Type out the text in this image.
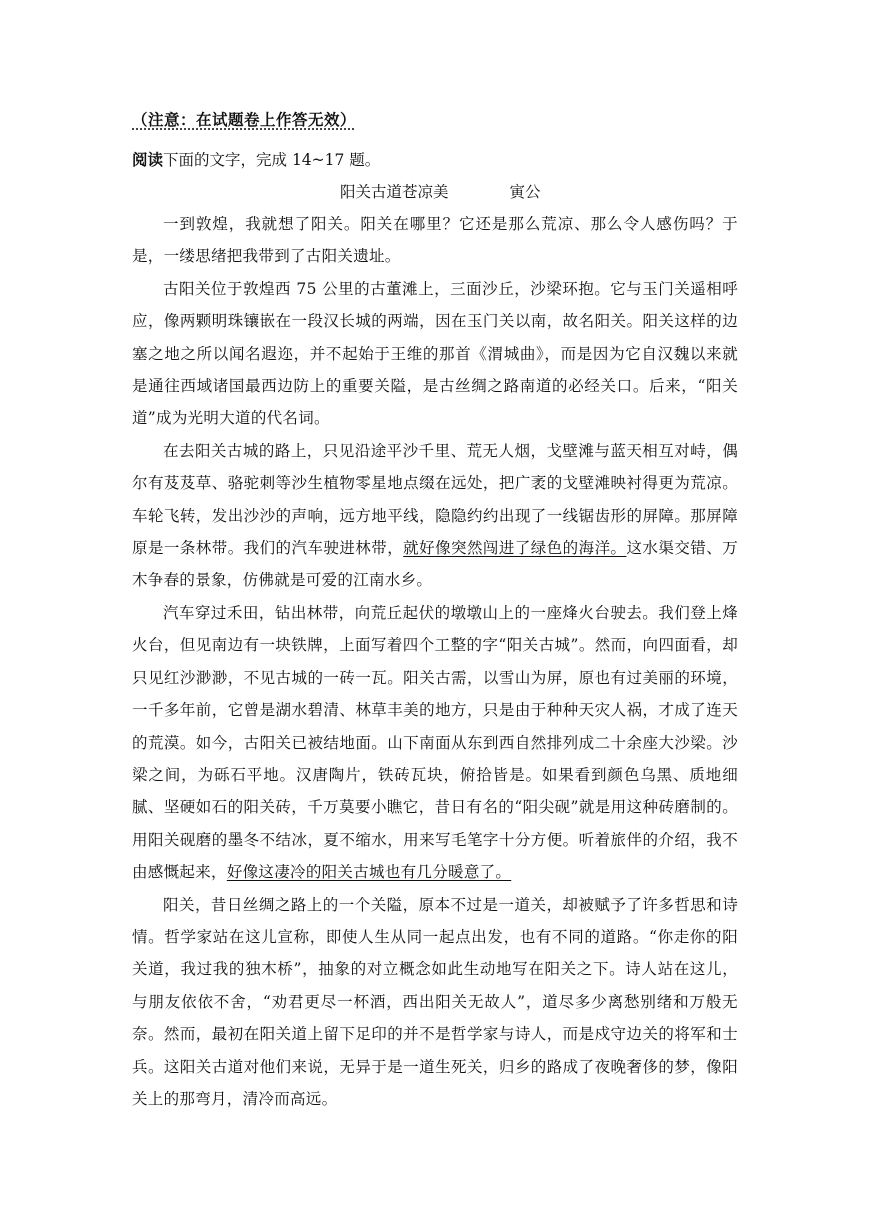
（注意：在试题卷上作答无效）
阅读下面的文字，完成 14~17 题。
阳关古道苍凉美	寅公

一到敦煌，我就想了阳关。阳关在哪里？它还是那么荒凉、那么令人感伤吗？于是，一缕思绪把我带到了古阳关遗址。

古阳关位于敦煌西 75 公里的古董滩上，三面沙丘，沙梁环抱。它与玉门关遥相呼应，像两颗明珠镶嵌在一段汉长城的两端，因在玉门关以南，故名阳关。阳关这样的边塞之地之所以闻名遐迩，并不起始于王维的那首《渭城曲》，而是因为它自汉魏以来就是通往西域诸国最西边防上的重要关隘，是古丝绸之路南道的必经关口。后来，“阳关道”成为光明大道的代名词。

在去阳关古城的路上，只见沿途平沙千里、荒无人烟，戈壁滩与蓝天相互对峙，偶尔有芨芨草、骆驼刺等沙生植物零星地点缀在远处，把广袤的戈壁滩映衬得更为荒凉。车轮飞转，发出沙沙的声响，远方地平线，隐隐约约出现了一线锯齿形的屏障。那屏障原是一条林带。我们的汽车驶进林带，就好像突然闯进了绿色的海洋。这水渠交错、万木争春的景象，仿佛就是可爱的江南水乡。

汽车穿过禾田，钻出林带，向荒丘起伏的墩墩山上的一座烽火台驶去。我们登上烽火台，但见南边有一块铁牌，上面写着四个工整的字“阳关古城”。然而，向四面看，却只见红沙渺渺，不见古城的一砖一瓦。阳关古需，以雪山为屏，原也有过美丽的环境，一千多年前，它曾是湖水碧清、林草丰美的地方，只是由于种种天灾人祸，才成了连天的荒漠。如今，古阳关已被结地面。山下南面从东到西自然排列成二十余座大沙梁。沙梁之间，为砾石平地。汉唐陶片，铁砖瓦块，俯拾皆是。如果看到颜色乌黑、质地细腻、坚硬如石的阳关砖，千万莫要小瞧它，昔日有名的“阳尖砚”就是用这种砖磨制的。用阳关砚磨的墨冬不结冰，夏不缩水，用来写毛笔字十分方便。听着旅伴的介绍，我不由感慨起来，好像这凄冷的阳关古城也有几分暖意了。

阳关，昔日丝绸之路上的一个关隘，原本不过是一道关，却被赋予了许多哲思和诗情。哲学家站在这儿宣称，即使人生从同一起点出发，也有不同的道路。“你走你的阳关道，我过我的独木桥”，抽象的对立概念如此生动地写在阳关之下。诗人站在这儿，与朋友依依不舍，“劝君更尽一杯酒，西出阳关无故人”，道尽多少离愁别绪和万般无奈。然而，最初在阳关道上留下足印的并不是哲学家与诗人，而是戍守边关的将军和士兵。这阳关古道对他们来说，无异于是一道生死关，归乡的路成了夜晚奢侈的梦，像阳关上的那弯月，清冷而高远。
